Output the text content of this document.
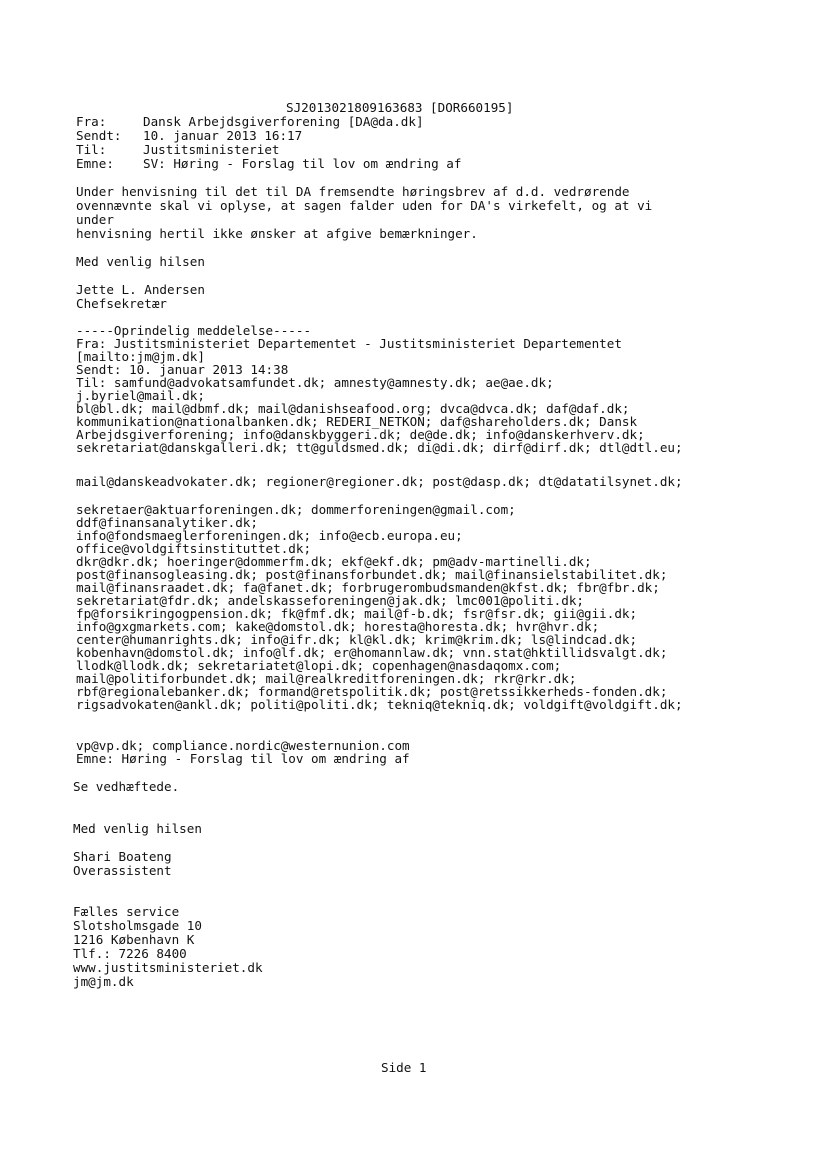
SJ2013021809163683 [DOR660195]
Fra:	Dansk Arbejdsgiverforening [DA@da.dk]
Sendt: 10. januar 2013 16:17
Til:	Justitsministeriet
Emne: SV: Høring - Forslag til lov om ændring af
Under henvisning til det til DA fremsendte høringsbrev af d.d. vedrørende
ovennævnte skal vi oplyse, at sagen falder uden for DA's virkefelt, og at vi
under
henvisning hertil ikke ønsker at afgive bemærkninger.
Med venlig hilsen
Jette L. Andersen
Chefsekretær
-----Oprindelig meddelelse-----
Fra: Justitsministeriet Departementet - Justitsministeriet Departementet
[mailto:jm@jm.dk]
Sendt: 10. januar 2013 14:38
Til: samfund@advokatsamfundet.dk; amnesty@amnesty.dk; ae@ae.dk;
j.byriel@mail.dk;
bl@bl.dk; mail@dbmf.dk; mail@danishseafood.org; dvca@dvca.dk; daf@daf.dk;
kommunikation@nationalbanken.dk; REDERI_NETKON; daf@shareholders.dk; Dansk
Arbejdsgiverforening; info@danskbyggeri.dk; de@de.dk; info@danskerhverv.dk;
sekretariat@danskgalleri.dk; tt@guldsmed.dk; di@di.dk; dirf@dirf.dk; dtl@dtl.eu;
mail@danskeadvokater.dk; regioner@regioner.dk; post@dasp.dk; dt@datatilsynet.dk;
sekretaer@aktuarforeningen.dk; dommerforeningen@gmail.com;
ddf@finansanalytiker.dk;
info@fondsmaeglerforeningen.dk; info@ecb.europa.eu;
office@voldgiftsinstituttet.dk;
dkr@dkr.dk; hoeringer@dommerfm.dk; ekf@ekf.dk; pm@adv-martinelli.dk;
post@finansogleasing.dk; post@finansforbundet.dk; mail@finansielstabilitet.dk;
mail@finansraadet.dk; fa@fanet.dk; forbrugerombudsmanden@kfst.dk; fbr@fbr.dk;
sekretariat@fdr.dk; andelskasseforeningen@jak.dk; lmc001@politi.dk;
fp@forsikringogpension.dk; fk@fmf.dk; mail@f-b.dk; fsr@fsr.dk; gii@gii.dk;
info@gxgmarkets.com; kake@domstol.dk; horesta@horesta.dk; hvr@hvr.dk;
center@humanrights.dk; info@ifr.dk; kl@kl.dk; krim@krim.dk; ls@lindcad.dk;
kobenhavn@domstol.dk; info@lf.dk; er@homannlaw.dk; vnn.stat@hktillidsvalgt.dk;
llodk@llodk.dk; sekretariatet@lopi.dk; copenhagen@nasdaqomx.com;
mail@politiforbundet.dk; mail@realkreditforeningen.dk; rkr@rkr.dk;
rbf@regionalebanker.dk; formand@retspolitik.dk; post@retssikkerheds-fonden.dk;
rigsadvokaten@ankl.dk; politi@politi.dk; tekniq@tekniq.dk; voldgift@voldgift.dk;
vp@vp.dk; compliance.nordic@westernunion.com
Emne: Høring - Forslag til lov om ændring af
Se vedhæftede.
Med venlig hilsen
Shari Boateng
Overassistent
Fælles service
Slotsholmsgade 10
1216 København K
Tlf.: 7226 8400
www.justitsministeriet.dk
jm@jm.dk
Side 1
